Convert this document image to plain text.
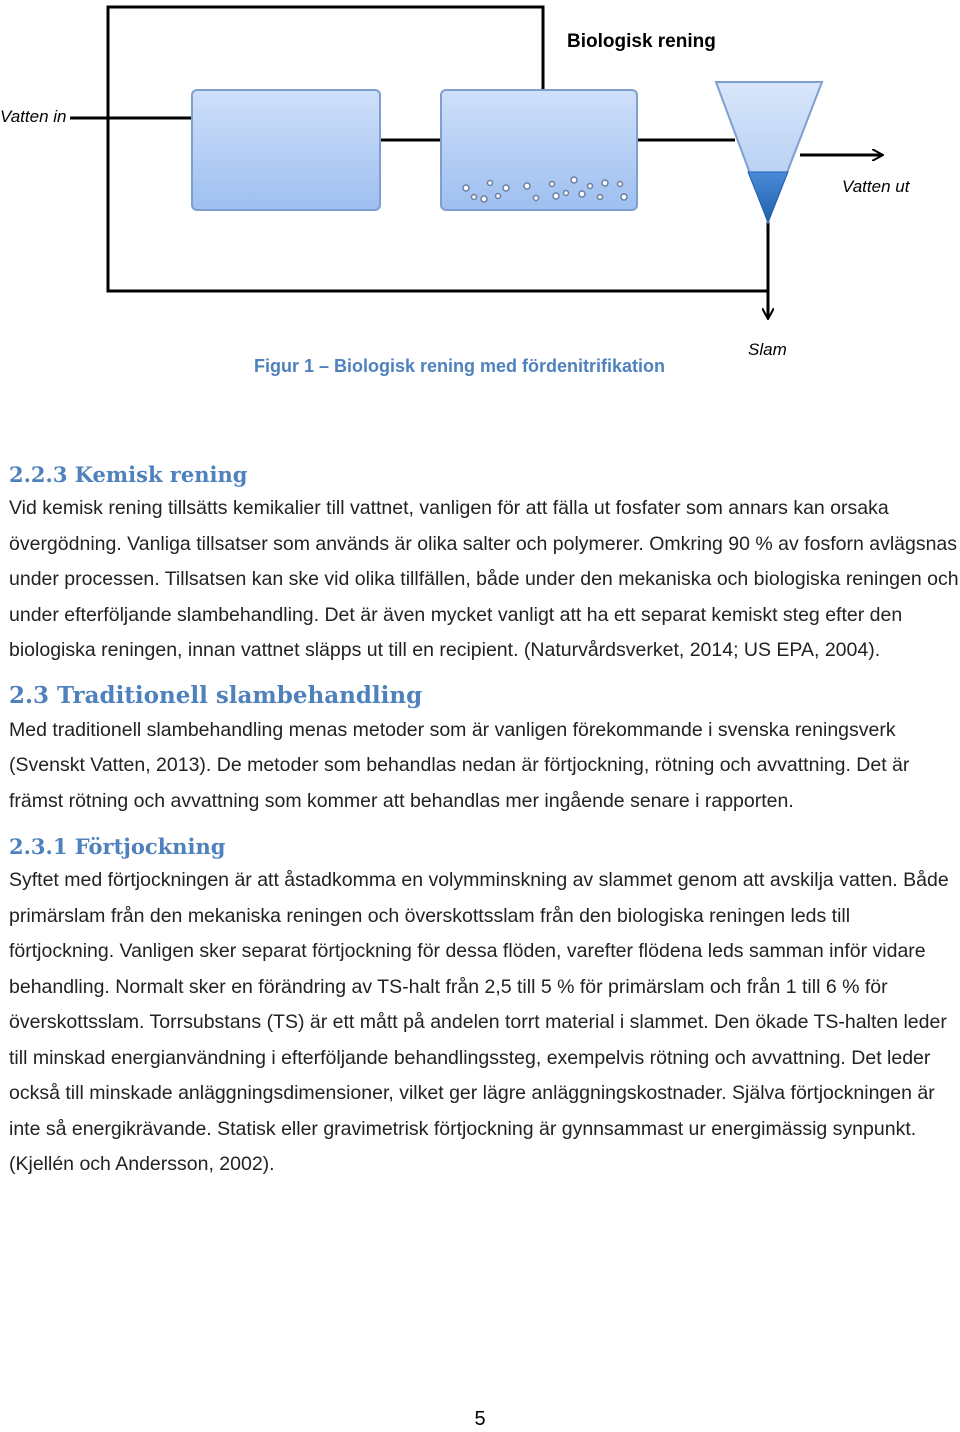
Biologisk rening
Vatten in
Vatten ut
Slam
Figur 1 – Biologisk rening med fördenitrifikation
2.2.3 Kemisk rening

Vid kemisk rening tillsätts kemikalier till vattnet, vanligen för att fälla ut fosfater som annars kan orsaka övergödning. Vanliga tillsatser som används är olika salter och polymerer. Omkring 90 % av fosforn avlägsnas under processen. Tillsatsen kan ske vid olika tillfällen, både under den mekaniska och biologiska reningen och under efterföljande slambehandling. Det är även mycket vanligt att ha ett separat kemiskt steg efter den biologiska reningen, innan vattnet släpps ut till en recipient. (Naturvårdsverket, 2014; US EPA, 2004).

2.3 Traditionell slambehandling

Med traditionell slambehandling menas metoder som är vanligen förekommande i svenska reningsverk (Svenskt Vatten, 2013). De metoder som behandlas nedan är förtjockning, rötning och avvattning. Det är främst rötning och avvattning som kommer att behandlas mer ingående senare i rapporten.

2.3.1 Förtjockning

Syftet med förtjockningen är att åstadkomma en volymminskning av slammet genom att avskilja vatten. Både primärslam från den mekaniska reningen och överskottsslam från den biologiska reningen leds till förtjockning. Vanligen sker separat förtjockning för dessa flöden, varefter flödena leds samman inför vidare behandling. Normalt sker en förändring av TS-halt från 2,5 till 5 % för primärslam och från 1 till 6 % för överskottsslam. Torrsubstans (TS) är ett mått på andelen torrt material i slammet. Den ökade TS-halten leder till minskad energianvändning i efterföljande behandlingssteg, exempelvis rötning och avvattning. Det leder också till minskade anläggningsdimensioner, vilket ger lägre anläggningskostnader. Själva förtjockningen är inte så energikrävande. Statisk eller gravimetrisk förtjockning är gynnsammast ur energimässig synpunkt. (Kjellén och Andersson, 2002).

5
